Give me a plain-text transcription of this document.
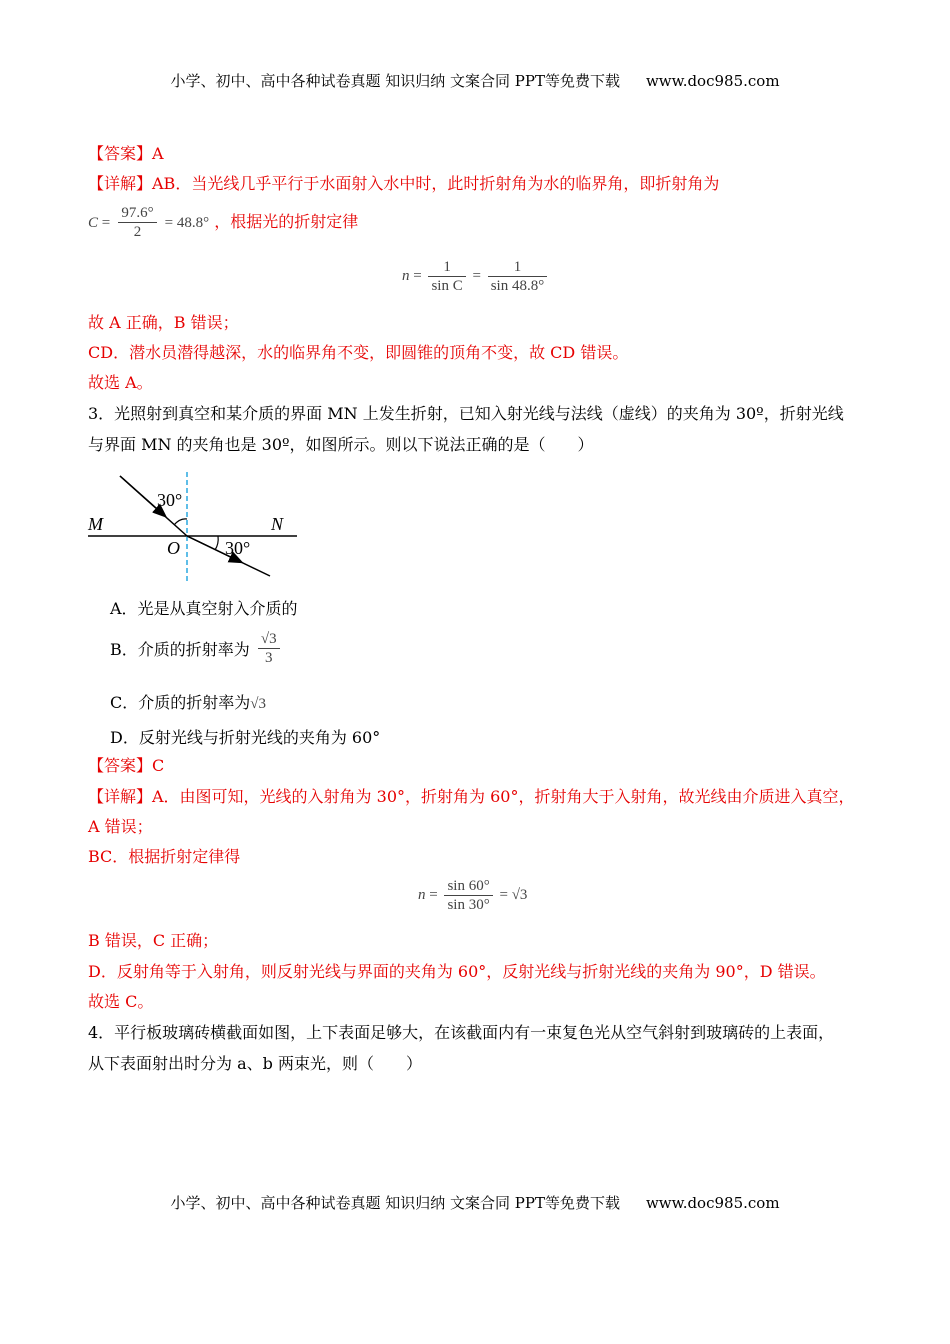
小学、初中、高中各种试卷真题 知识归纳 文案合同 PPT等免费下载 www.doc985.com
【答案】A
【详解】AB．当光线几乎平行于水面射入水中时，此时折射角为水的临界角，即折射角为
$C = \frac{97.6^\circ}{2} = 48.8^\circ$ ，根据光的折射定律
$n = \frac{1}{\text{sin C}} = \frac{1}{\sin 48.8^\circ}$
故 A 正确，B 错误；
CD．潜水员潜得越深，水的临界角不变，即圆锥的顶角不变，故 CD 错误。
故选 A。
3．光照射到真空和某介质的界面 MN 上发生折射，已知入射光线与法线（虚线）的夹角为 30º，折射光线
与界面 MN 的夹角也是 30º，如图所示。则以下说法正确的是（　　）
30°
30°
M	N
O
A．光是从真空射入介质的
B．介质的折射率为 $\frac{√3}{3}$
C．介质的折射率为√3
D．反射光线与折射光线的夹角为 60°
【答案】C
【详解】A．由图可知，光线的入射角为 30°，折射角为 60°，折射角大于入射角，故光线由介质进入真空，
A 错误；
BC．根据折射定律得
$n = \frac{\sin 60^\circ}{\sin 30^\circ} = √3$
B 错误，C 正确；
D．反射角等于入射角，则反射光线与界面的夹角为 60°，反射光线与折射光线的夹角为 90°，D 错误。
故选 C。
4．平行板玻璃砖横截面如图，上下表面足够大，在该截面内有一束复色光从空气斜射到玻璃砖的上表面，
从下表面射出时分为 a、b 两束光，则（　　）
小学、初中、高中各种试卷真题 知识归纳 文案合同 PPT等免费下载 www.doc985.com
